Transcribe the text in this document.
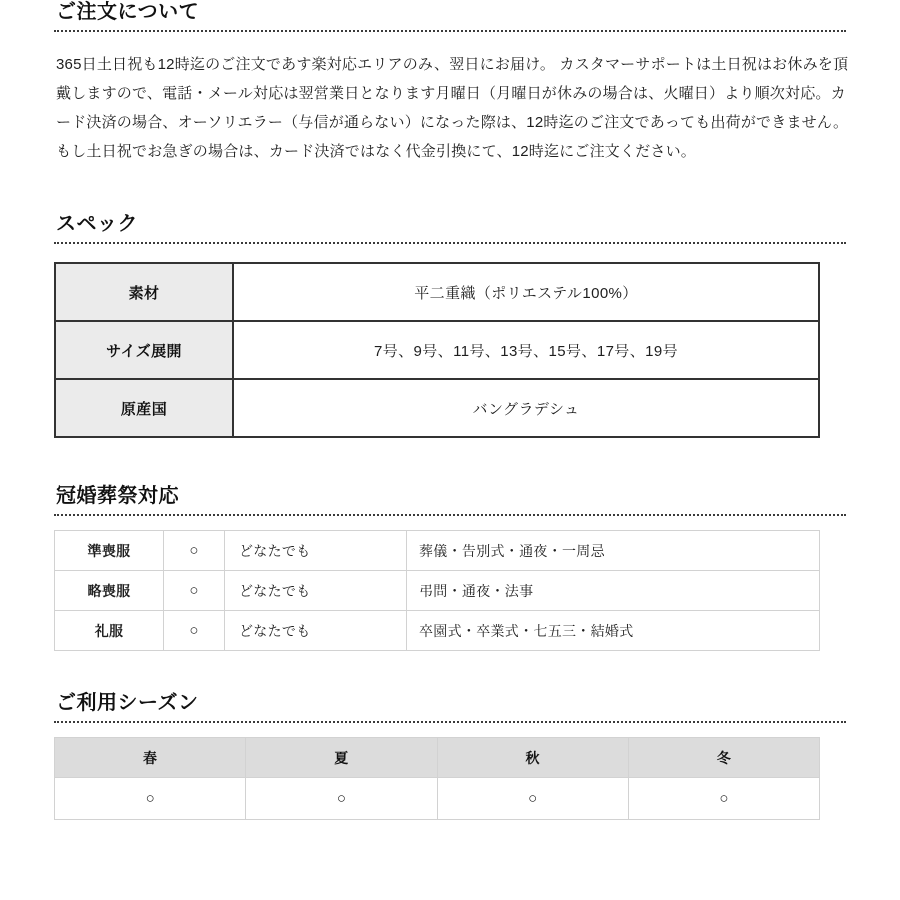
ご注文について

365日土日祝も12時迄のご注文であす楽対応エリアのみ、翌日にお届け。 カスタマーサポートは土日祝はお休みを頂戴しますので、電話・メール対応は翌営業日となります月曜日（月曜日が休みの場合は、火曜日）より順次対応。カード決済の場合、オーソリエラー（与信が通らない）になった際は、12時迄のご注文であっても出荷ができません。もし土日祝でお急ぎの場合は、カード決済ではなく代金引換にて、12時迄にご注文ください。

スペック
素材	平二重織（ポリエステル100%）
サイズ展開	7号、9号、11号、13号、15号、17号、19号
原産国	バングラデシュ
冠婚葬祭対応
準喪服	○	どなたでも	葬儀・告別式・通夜・一周忌
略喪服	○	どなたでも	弔問・通夜・法事
礼服	○	どなたでも	卒園式・卒業式・七五三・結婚式
ご利用シーズン
春	夏	秋	冬
○	○	○	○
